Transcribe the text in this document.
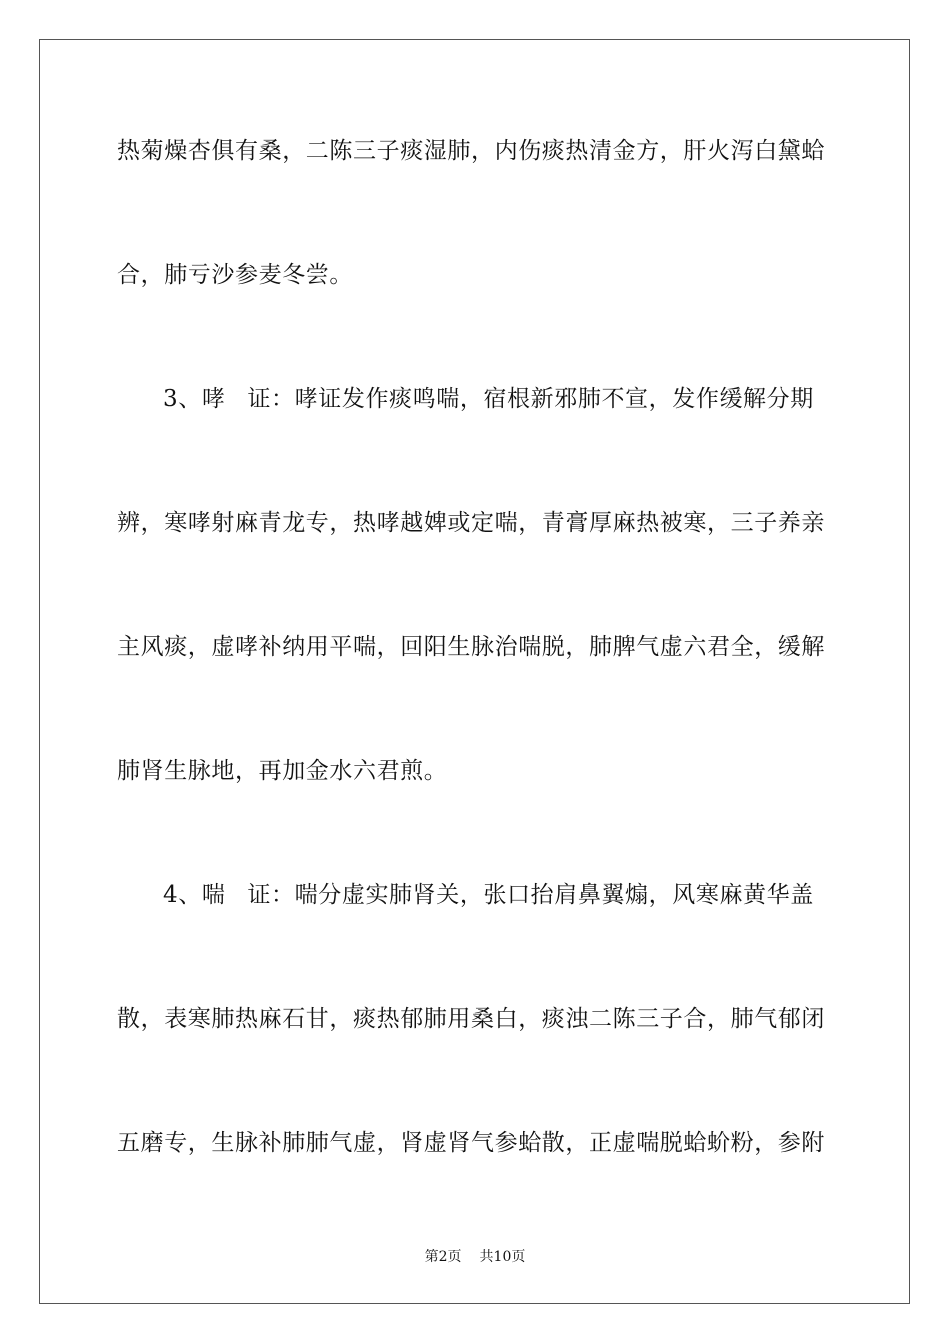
热菊燥杏俱有桑，二陈三子痰湿肺，内伤痰热清金方，肝火泻白黛蛤
合，肺亏沙参麦冬尝。
3、哮 证：哮证发作痰鸣喘，宿根新邪肺不宣，发作缓解分期
辨，寒哮射麻青龙专，热哮越婢或定喘，青膏厚麻热被寒，三子养亲
主风痰，虚哮补纳用平喘，回阳生脉治喘脱，肺脾气虚六君全，缓解
肺肾生脉地，再加金水六君煎。
4、喘 证：喘分虚实肺肾关，张口抬肩鼻翼煽，风寒麻黄华盖
散，表寒肺热麻石甘，痰热郁肺用桑白，痰浊二陈三子合，肺气郁闭
五磨专，生脉补肺肺气虚，肾虚肾气参蛤散，正虚喘脱蛤蚧粉，参附
第2页 共10页
